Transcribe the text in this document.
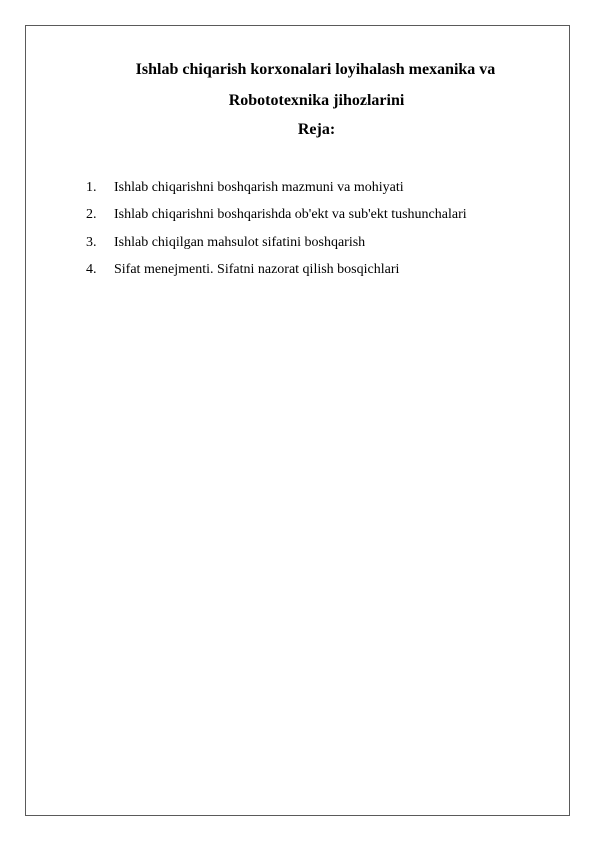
Ishlab chiqarish korxonalari loyihalash mexanika va
Robototexnika jihozlarini
Reja:
1.	Ishlab chiqarishni boshqarish mazmuni va mohiyati
2.	Ishlab chiqarishni boshqarishda ob'ekt va sub'ekt tushunchalari
3.	Ishlab chiqilgan mahsulot sifatini boshqarish
4.	Sifat menejmenti. Sifatni nazorat qilish bosqichlari
